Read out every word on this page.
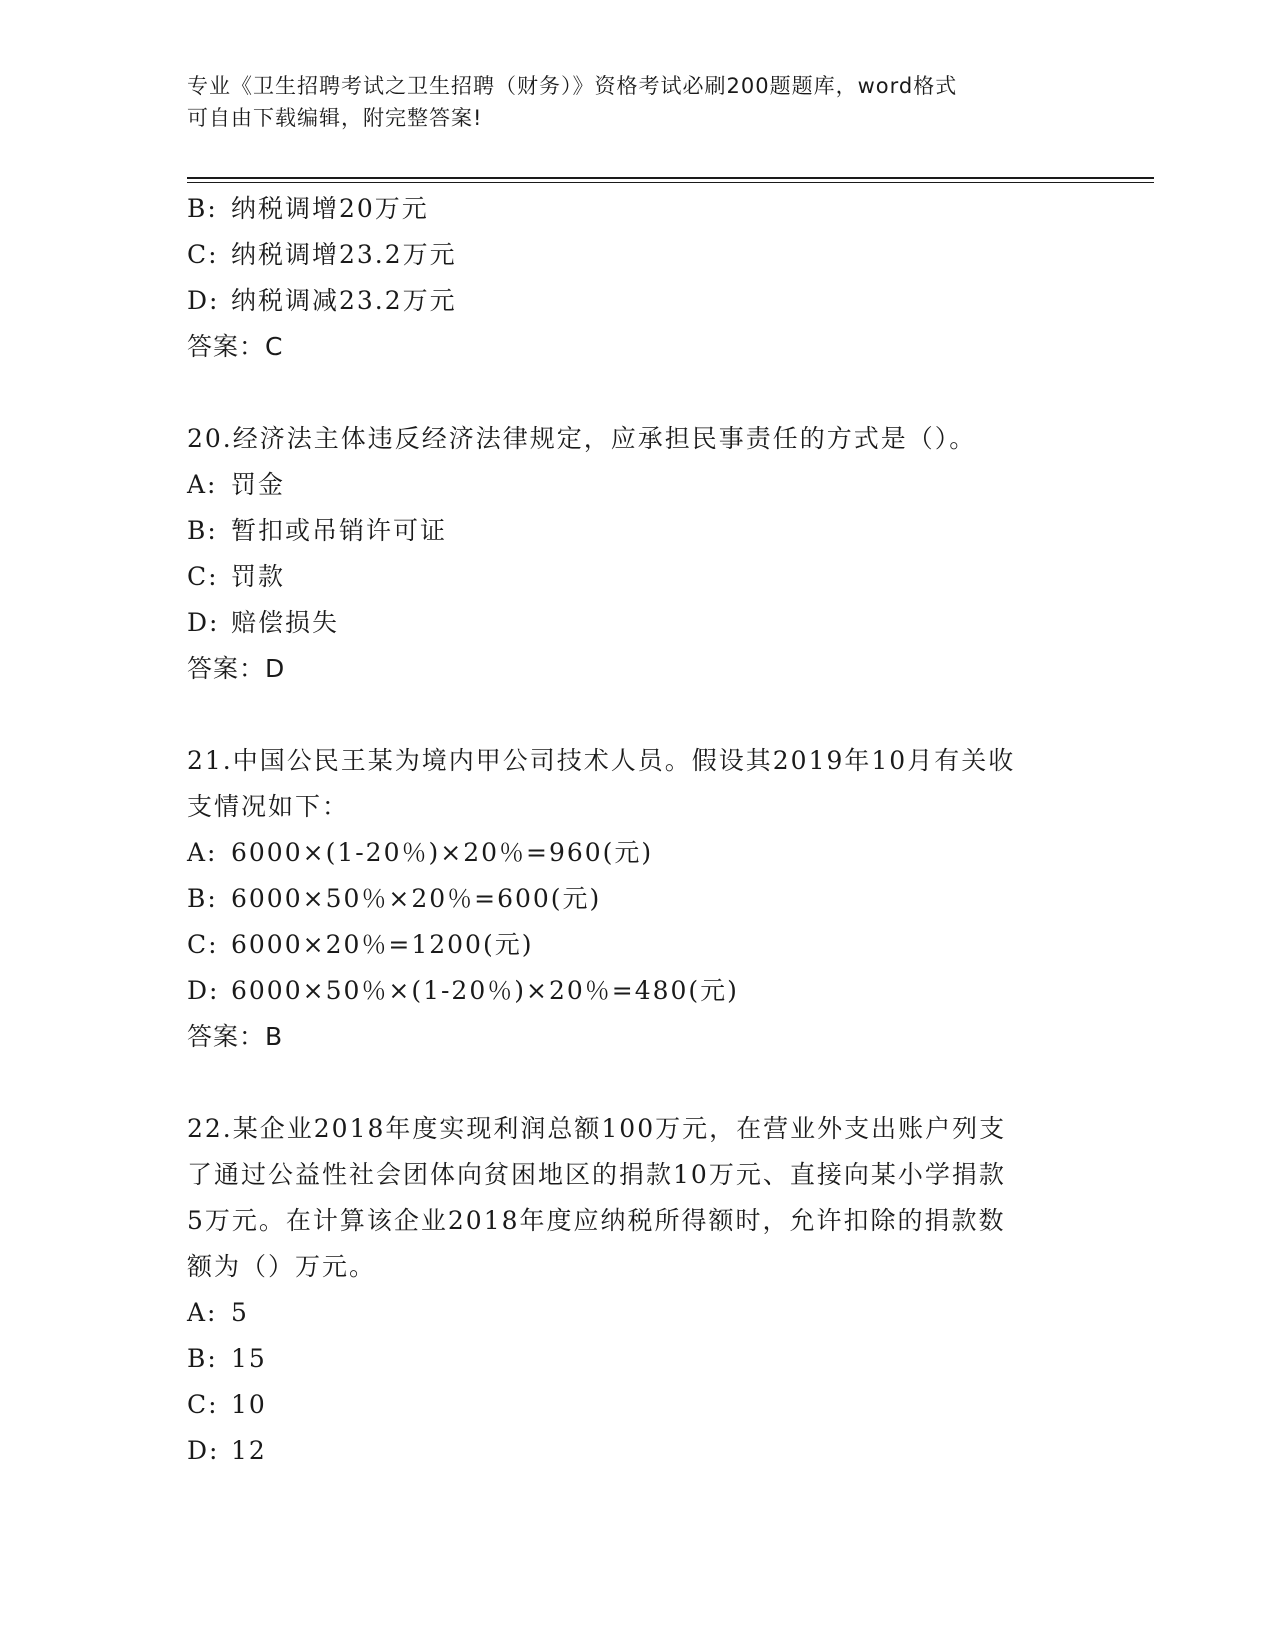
专业《卫生招聘考试之卫生招聘（财务）》资格考试必刷200题题库，word格式
可自由下载编辑，附完整答案!
B: 纳税调增20万元
C: 纳税调增23.2万元
D: 纳税调减23.2万元
答案：C
20.经济法主体违反经济法律规定，应承担民事责任的方式是（）。
A: 罚金
B: 暂扣或吊销许可证
C: 罚款
D: 赔偿损失
答案：D
21.中国公民王某为境内甲公司技术人员。假设其2019年10月有关收
支情况如下：
A: 6000×(1-20％)×20％=960(元)
B: 6000×50％×20％=600(元)
C: 6000×20％=1200(元)
D: 6000×50％×(1-20％)×20％=480(元)
答案：B
22.某企业2018年度实现利润总额100万元，在营业外支出账户列支
了通过公益性社会团体向贫困地区的捐款10万元、直接向某小学捐款
5万元。在计算该企业2018年度应纳税所得额时，允许扣除的捐款数
额为（）万元。
A: 5
B: 15
C: 10
D: 12
